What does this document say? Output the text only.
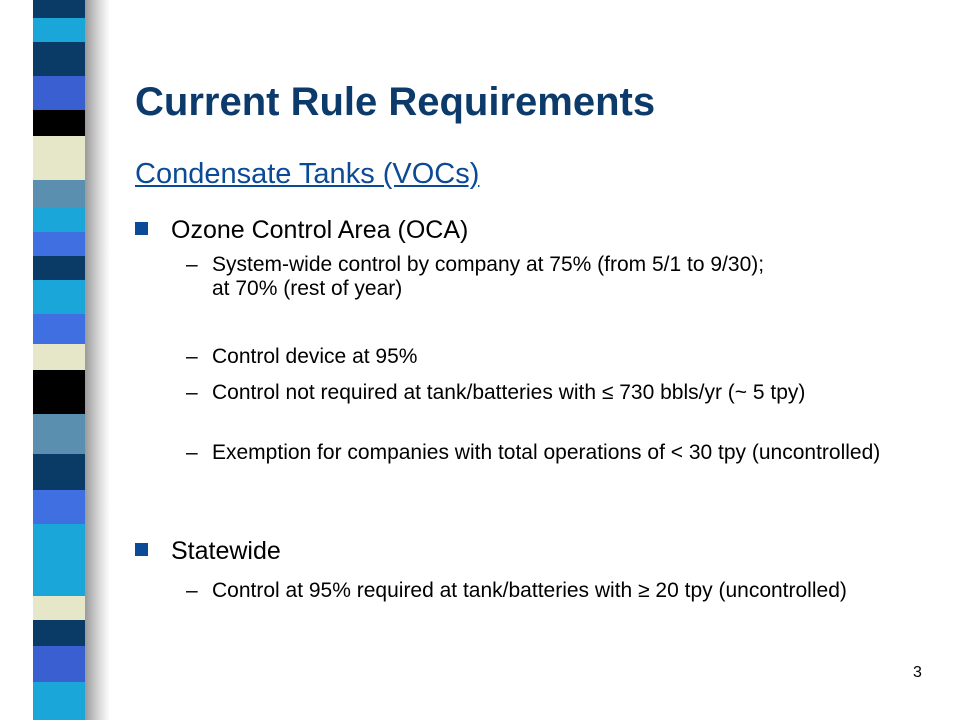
Current Rule Requirements
Condensate Tanks (VOCs)
Ozone Control Area (OCA)
– System-wide control by company at 75% (from 5/1 to 9/30);
at 70% (rest of year)
– Control device at 95%
– Control not required at tank/batteries with ≤ 730 bbls/yr (~ 5 tpy)
– Exemption for companies with total operations of < 30 tpy (uncontrolled)
Statewide
– Control at 95% required at tank/batteries with ≥ 20 tpy (uncontrolled)
3
